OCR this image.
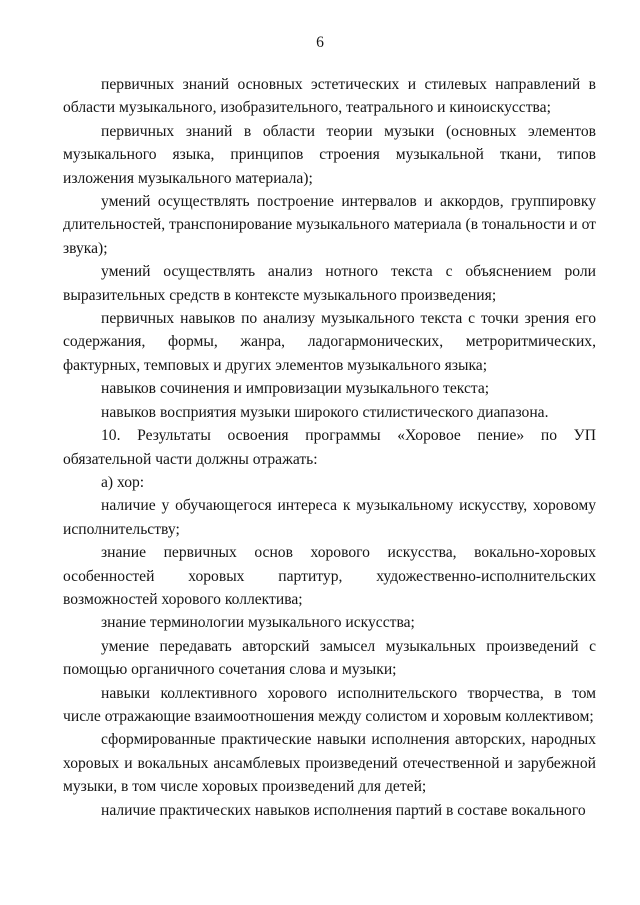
6

первичных знаний основных эстетических и стилевых направлений в области музыкального, изобразительного, театрального и киноискусства;

первичных знаний в области теории музыки (основных элементов музыкального языка, принципов строения музыкальной ткани, типов изложения музыкального материала);

умений осуществлять построение интервалов и аккордов, группировку длительностей, транспонирование музыкального материала (в тональности и от звука);

умений осуществлять анализ нотного текста с объяснением роли выразительных средств в контексте музыкального произведения;

первичных навыков по анализу музыкального текста с точки зрения его содержания, формы, жанра, ладогармонических, метроритмических, фактурных, темповых и других элементов музыкального языка;

навыков сочинения и импровизации музыкального текста;

навыков восприятия музыки широкого стилистического диапазона.

10. Результаты освоения программы «Хоровое пение» по УП обязательной части должны отражать:

а) хор:

наличие у обучающегося интереса к музыкальному искусству, хоровому исполнительству;

знание первичных основ хорового искусства, вокально-хоровых особенностей хоровых партитур, художественно-исполнительских возможностей хорового коллектива;

знание терминологии музыкального искусства;

умение передавать авторский замысел музыкальных произведений с помощью органичного сочетания слова и музыки;

навыки коллективного хорового исполнительского творчества, в том числе отражающие взаимоотношения между солистом и хоровым коллективом;

сформированные практические навыки исполнения авторских, народных хоровых и вокальных ансамблевых произведений отечественной и зарубежной музыки, в том числе хоровых произведений для детей;

наличие практических навыков исполнения партий в составе вокального
